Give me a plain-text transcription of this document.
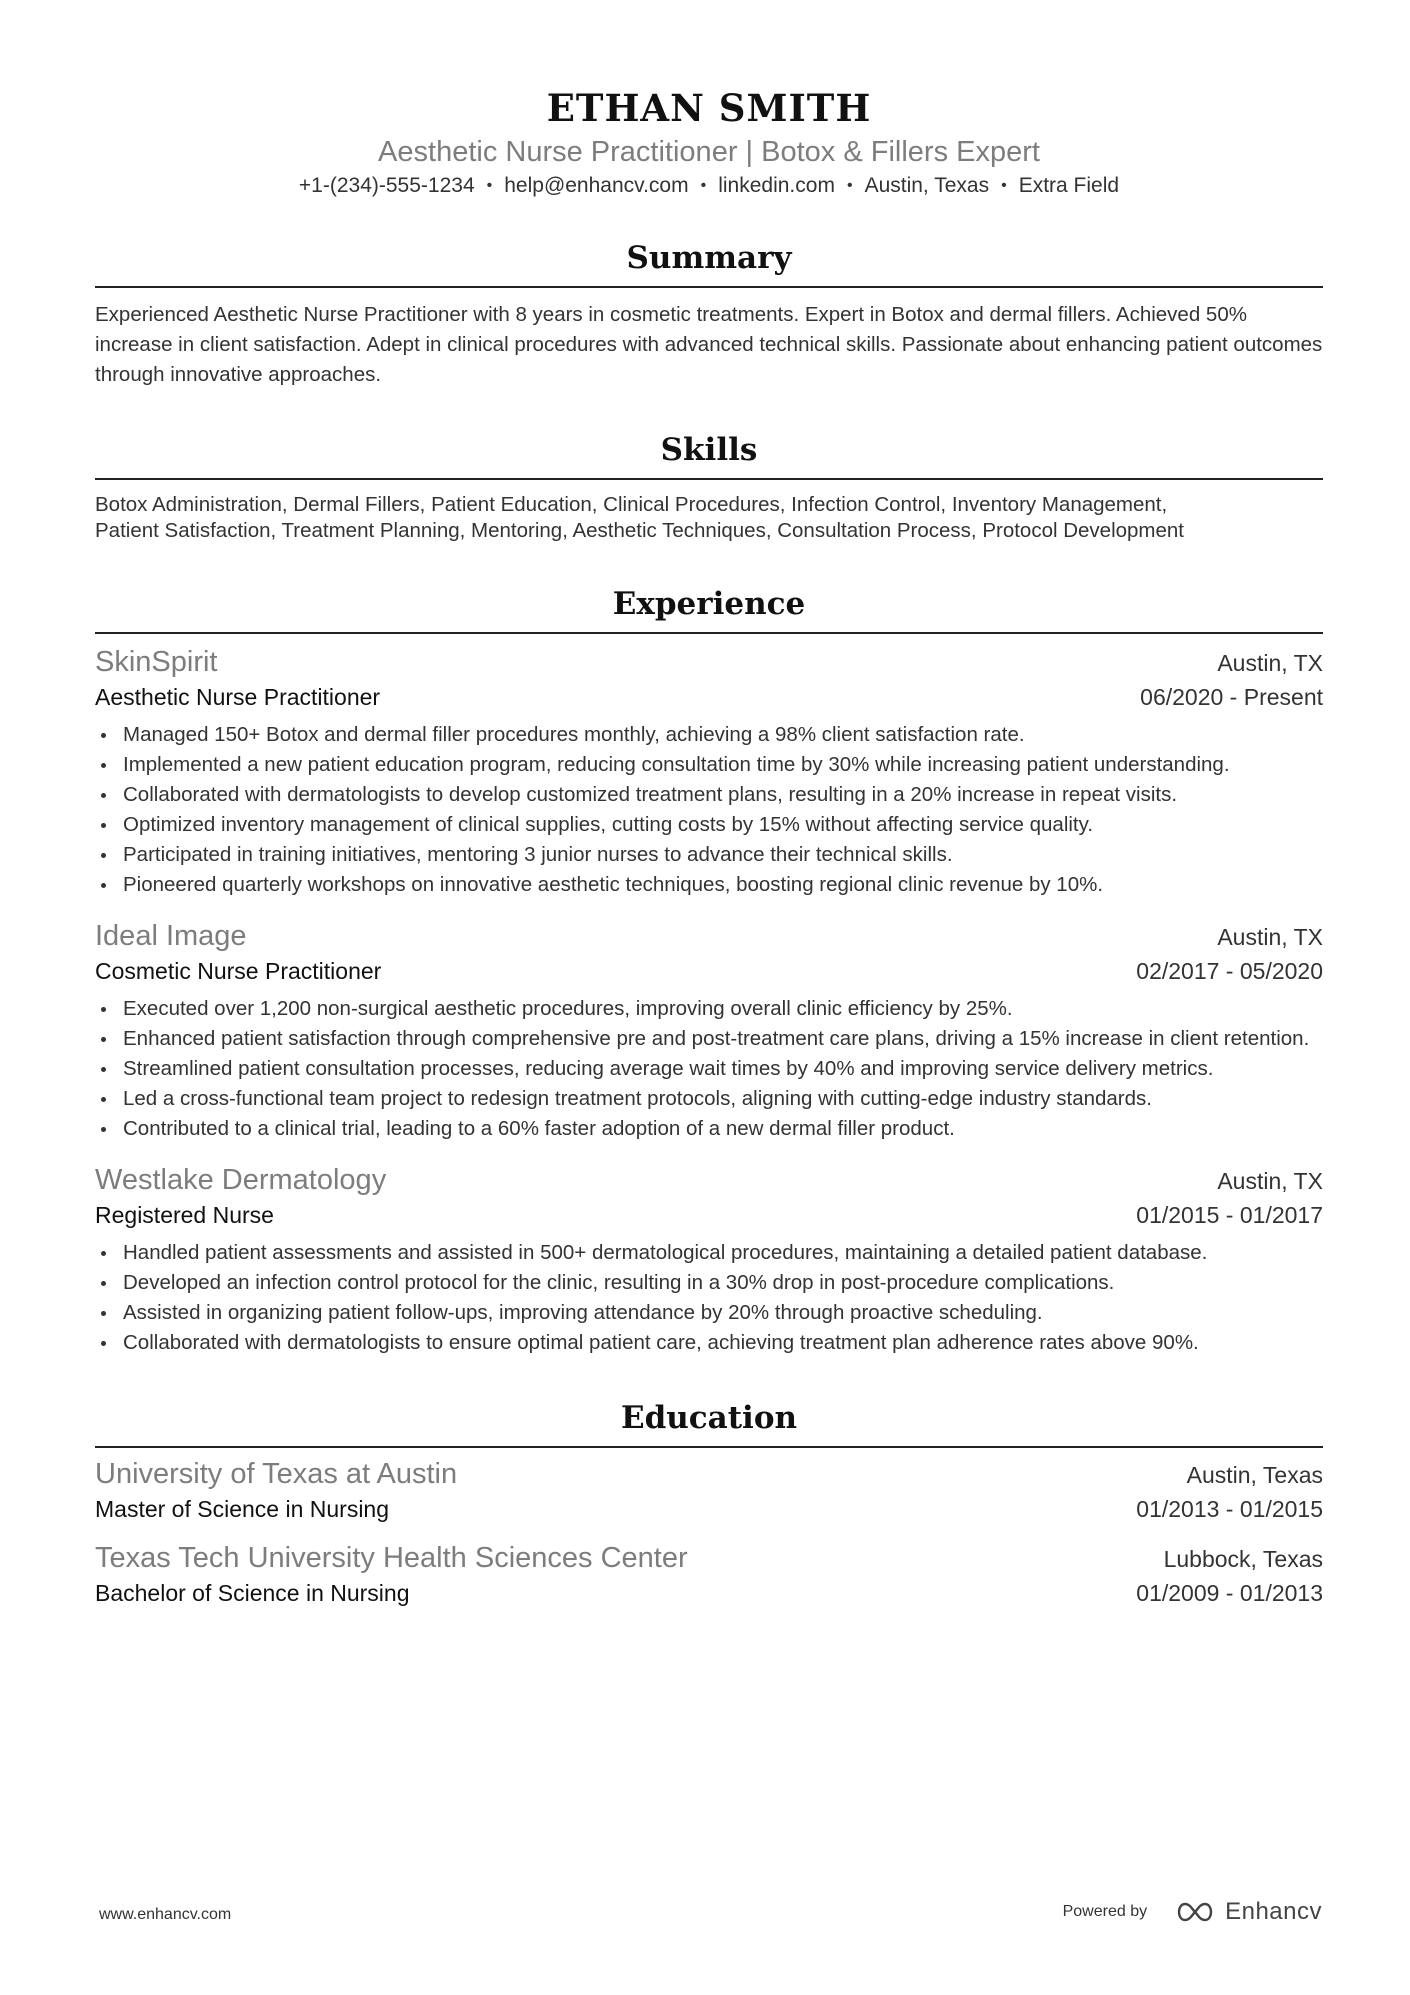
ETHAN SMITH
Aesthetic Nurse Practitioner | Botox & Fillers Expert
+1-(234)-555-1234 • help@enhancv.com • linkedin.com • Austin, Texas • Extra Field
Summary
Experienced Aesthetic Nurse Practitioner with 8 years in cosmetic treatments. Expert in Botox and dermal fillers. Achieved 50% increase in client satisfaction. Adept in clinical procedures with advanced technical skills. Passionate about enhancing patient outcomes through innovative approaches.
Skills
Botox Administration, Dermal Fillers, Patient Education, Clinical Procedures, Infection Control, Inventory Management,
Patient Satisfaction, Treatment Planning, Mentoring, Aesthetic Techniques, Consultation Process, Protocol Development
Experience
SkinSpirit	Austin, TX
Aesthetic Nurse Practitioner	06/2020 - Present
Managed 150+ Botox and dermal filler procedures monthly, achieving a 98% client satisfaction rate.
Implemented a new patient education program, reducing consultation time by 30% while increasing patient understanding.
Collaborated with dermatologists to develop customized treatment plans, resulting in a 20% increase in repeat visits.
Optimized inventory management of clinical supplies, cutting costs by 15% without affecting service quality.
Participated in training initiatives, mentoring 3 junior nurses to advance their technical skills.
Pioneered quarterly workshops on innovative aesthetic techniques, boosting regional clinic revenue by 10%.
Ideal Image	Austin, TX
Cosmetic Nurse Practitioner	02/2017 - 05/2020
Executed over 1,200 non-surgical aesthetic procedures, improving overall clinic efficiency by 25%.
Enhanced patient satisfaction through comprehensive pre and post-treatment care plans, driving a 15% increase in client retention.
Streamlined patient consultation processes, reducing average wait times by 40% and improving service delivery metrics.
Led a cross-functional team project to redesign treatment protocols, aligning with cutting-edge industry standards.
Contributed to a clinical trial, leading to a 60% faster adoption of a new dermal filler product.
Westlake Dermatology	Austin, TX
Registered Nurse	01/2015 - 01/2017
Handled patient assessments and assisted in 500+ dermatological procedures, maintaining a detailed patient database.
Developed an infection control protocol for the clinic, resulting in a 30% drop in post-procedure complications.
Assisted in organizing patient follow-ups, improving attendance by 20% through proactive scheduling.
Collaborated with dermatologists to ensure optimal patient care, achieving treatment plan adherence rates above 90%.
Education
University of Texas at Austin	Austin, Texas
Master of Science in Nursing	01/2013 - 01/2015
Texas Tech University Health Sciences Center	Lubbock, Texas
Bachelor of Science in Nursing	01/2009 - 01/2013
www.enhancv.com	Powered by	Enhancv
